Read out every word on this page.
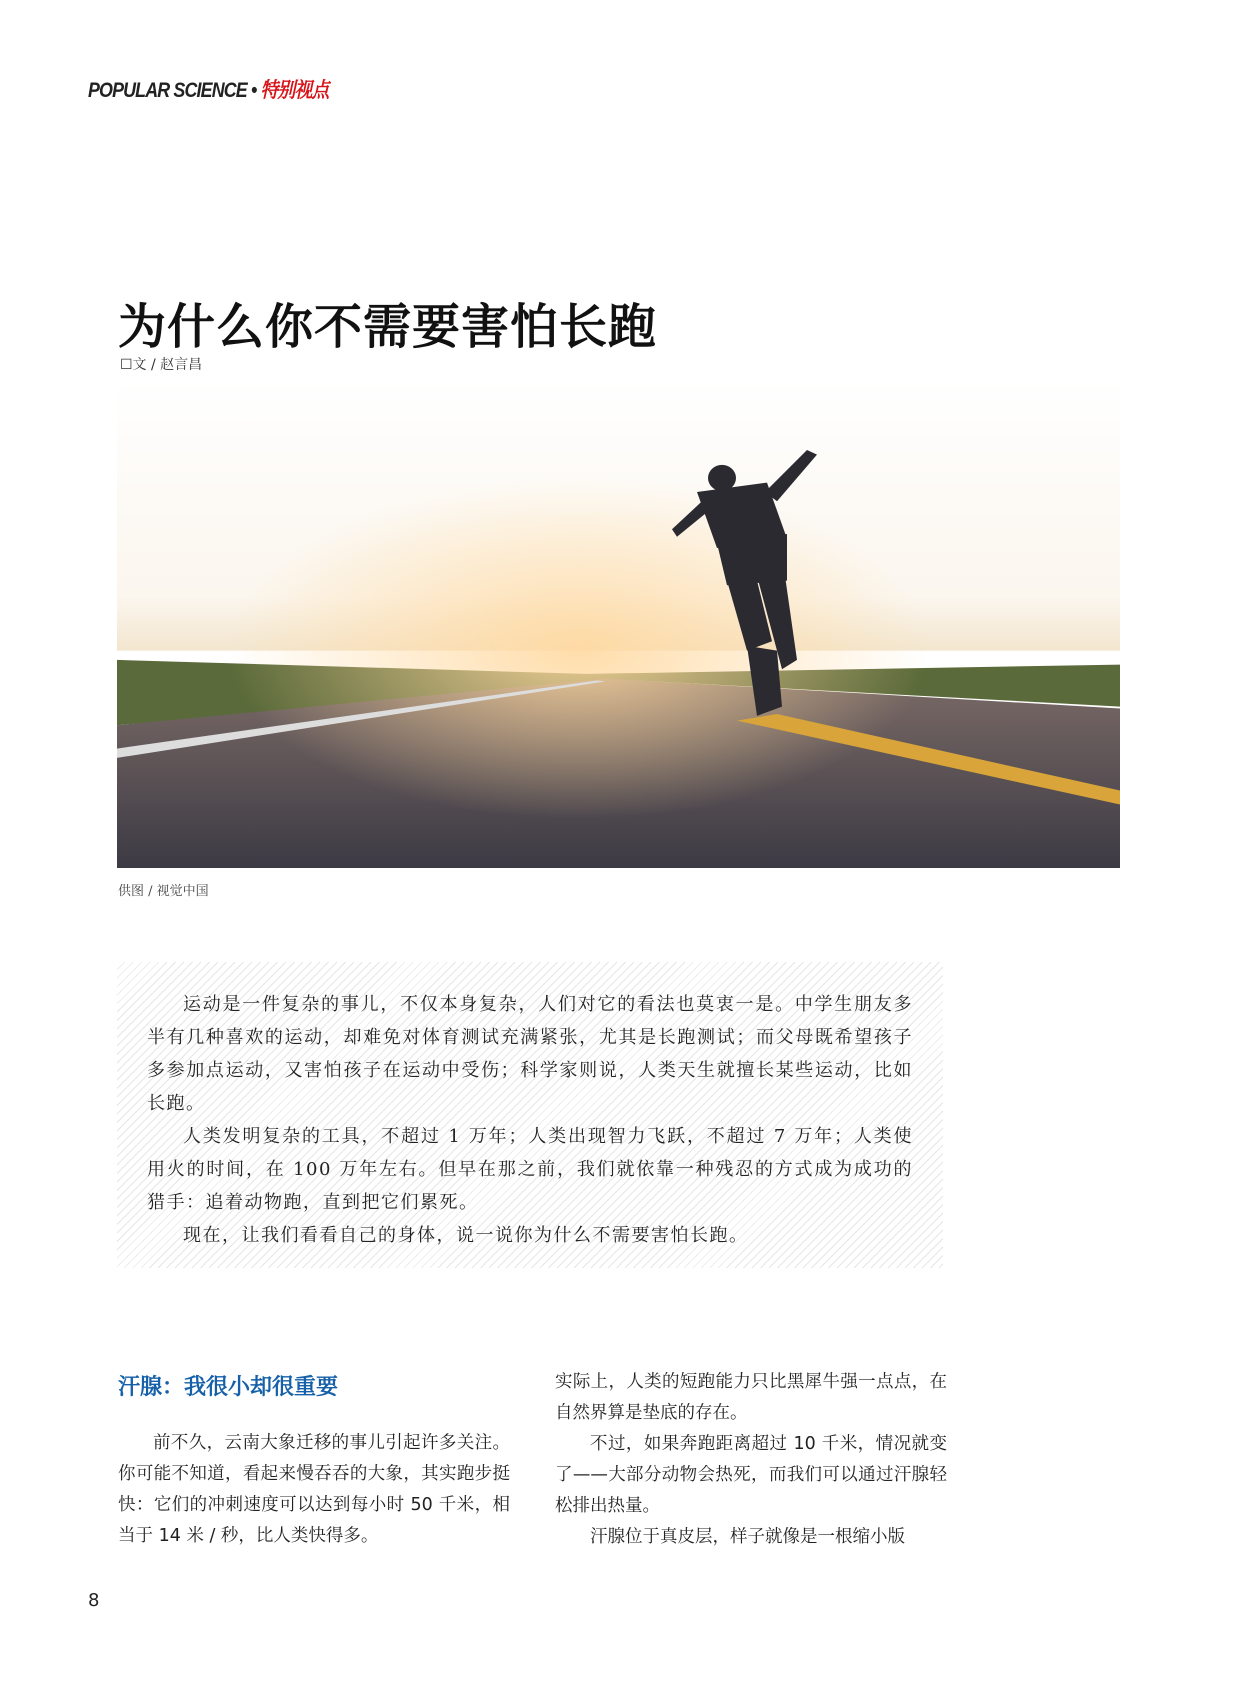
POPULAR SCIENCE • 特别视点
为什么你不需要害怕长跑
☐文 / 赵言昌
供图 / 视觉中国

运动是一件复杂的事儿，不仅本身复杂，人们对它的看法也莫衷一是。中学生朋友多半有几种喜欢的运动，却难免对体育测试充满紧张，尤其是长跑测试；而父母既希望孩子多参加点运动，又害怕孩子在运动中受伤；科学家则说，人类天生就擅长某些运动，比如长跑。

人类发明复杂的工具，不超过 1 万年；人类出现智力飞跃，不超过 7 万年；人类使用火的时间，在 100 万年左右。但早在那之前，我们就依靠一种残忍的方式成为成功的猎手：追着动物跑，直到把它们累死。

现在，让我们看看自己的身体，说一说你为什么不需要害怕长跑。

汗腺：我很小却很重要

前不久，云南大象迁移的事儿引起许多关注。你可能不知道，看起来慢吞吞的大象，其实跑步挺快：它们的冲刺速度可以达到每小时 50 千米，相当于 14 米 / 秒，比人类快得多。

实际上，人类的短跑能力只比黑犀牛强一点点，在自然界算是垫底的存在。

不过，如果奔跑距离超过 10 千米，情况就变了——大部分动物会热死，而我们可以通过汗腺轻松排出热量。

汗腺位于真皮层，样子就像是一根缩小版

8
